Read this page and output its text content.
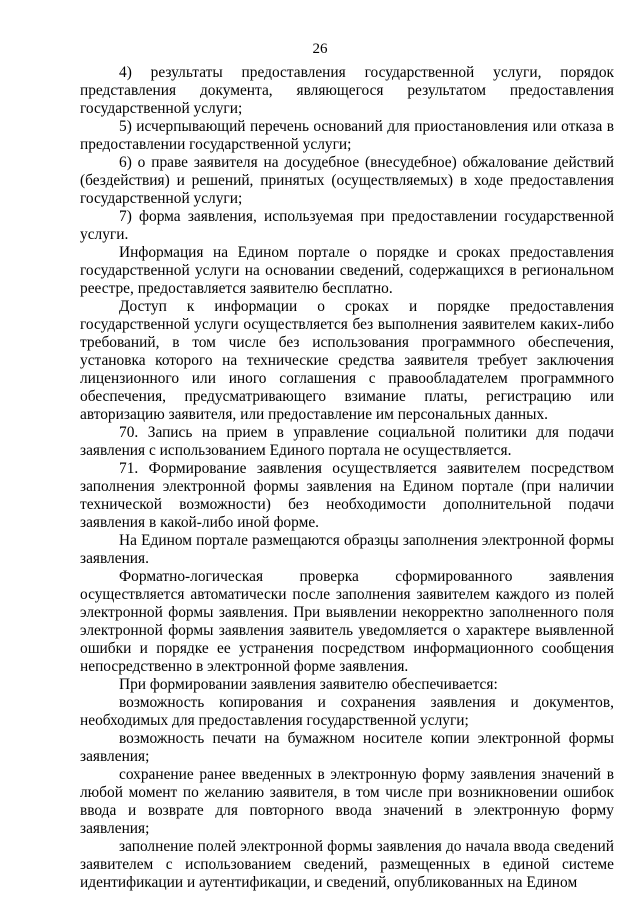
26

4) результаты предоставления государственной услуги, порядок представления документа, являющегося результатом предоставления государственной услуги;

5) исчерпывающий перечень оснований для приостановления или отказа в предоставлении государственной услуги;

6) о праве заявителя на досудебное (внесудебное) обжалование действий (бездействия) и решений, принятых (осуществляемых) в ходе предоставления государственной услуги;

7) форма заявления, используемая при предоставлении государственной услуги.

Информация на Едином портале о порядке и сроках предоставления государственной услуги на основании сведений, содержащихся в региональном реестре, предоставляется заявителю бесплатно.

Доступ к информации о сроках и порядке предоставления государственной услуги осуществляется без выполнения заявителем каких-либо требований, в том числе без использования программного обеспечения, установка которого на технические средства заявителя требует заключения лицензионного или иного соглашения с правообладателем программного обеспечения, предусматривающего взимание платы, регистрацию или авторизацию заявителя, или предоставление им персональных данных.

70. Запись на прием в управление социальной политики для подачи заявления с использованием Единого портала не осуществляется.

71. Формирование заявления осуществляется заявителем посредством заполнения электронной формы заявления на Едином портале (при наличии технической возможности) без необходимости дополнительной подачи заявления в какой-либо иной форме.

На Едином портале размещаются образцы заполнения электронной формы заявления.

Форматно-логическая проверка сформированного заявления осуществляется автоматически после заполнения заявителем каждого из полей электронной формы заявления. При выявлении некорректно заполненного поля электронной формы заявления заявитель уведомляется о характере выявленной ошибки и порядке ее устранения посредством информационного сообщения непосредственно в электронной форме заявления.

При формировании заявления заявителю обеспечивается:

возможность копирования и сохранения заявления и документов, необходимых для предоставления государственной услуги;

возможность печати на бумажном носителе копии электронной формы заявления;

сохранение ранее введенных в электронную форму заявления значений в любой момент по желанию заявителя, в том числе при возникновении ошибок ввода и возврате для повторного ввода значений в электронную форму заявления;

заполнение полей электронной формы заявления до начала ввода сведений заявителем с использованием сведений, размещенных в единой системе идентификации и аутентификации, и сведений, опубликованных на Едином
